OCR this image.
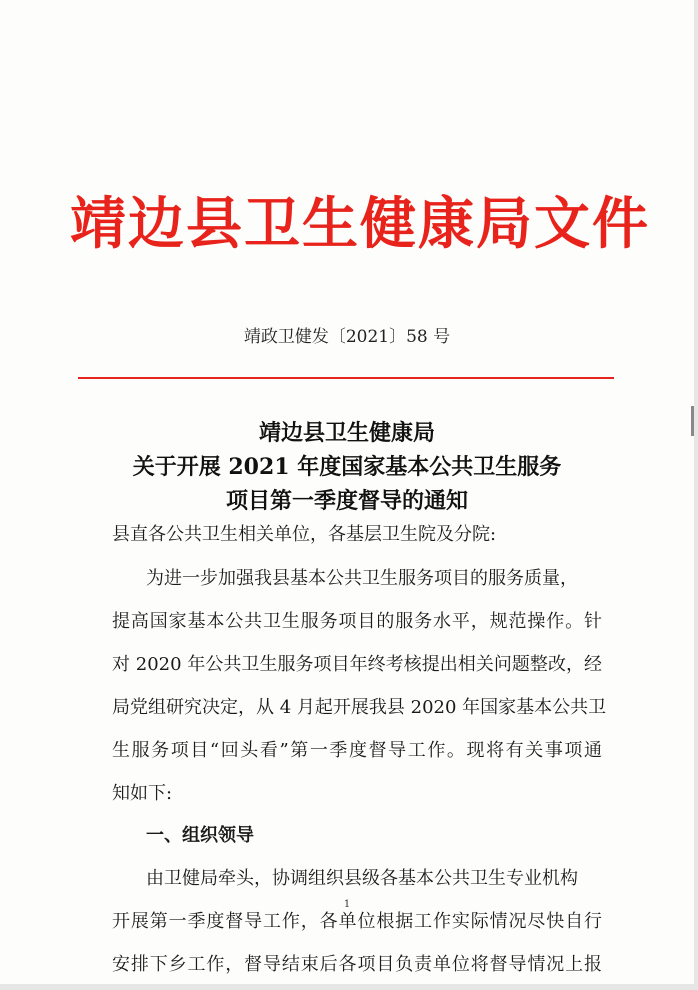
靖边县卫生健康局文件
靖政卫健发〔2021〕58 号
靖边县卫生健康局
关于开展 2021 年度国家基本公共卫生服务
项目第一季度督导的通知
县直各公共卫生相关单位，各基层卫生院及分院:
为进一步加强我县基本公共卫生服务项目的服务质量，
提高国家基本公共卫生服务项目的服务水平，规范操作。针
对 2020 年公共卫生服务项目年终考核提出相关问题整改，经
局党组研究决定，从 4 月起开展我县 2020 年国家基本公共卫
生服务项目“回头看”第一季度督导工作。现将有关事项通
知如下:
一、组织领导
由卫健局牵头，协调组织县级各基本公共卫生专业机构
开展第一季度督导工作，各单位根据工作实际情况尽快自行
安排下乡工作，督导结束后各项目负责单位将督导情况上报
1
